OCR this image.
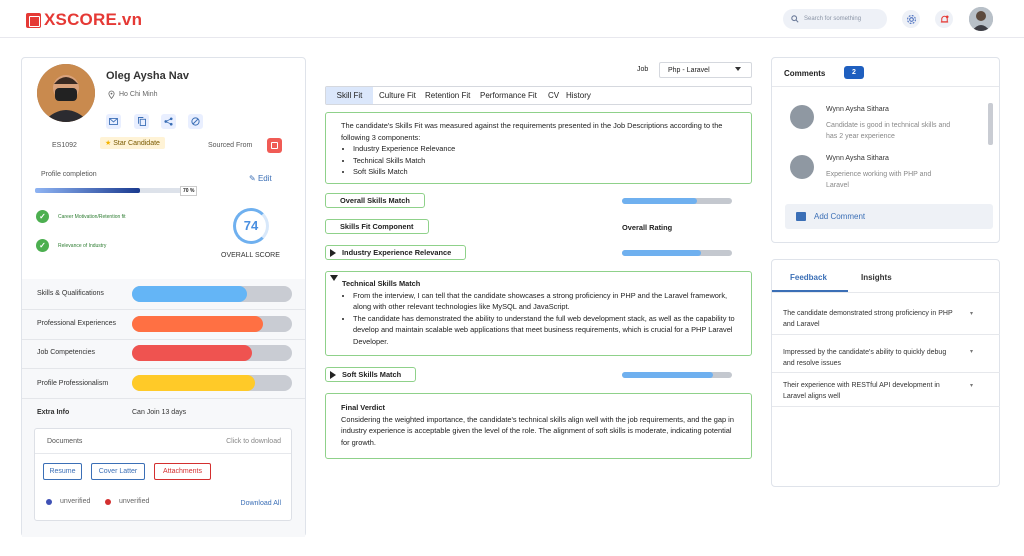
XSCORE.vn	Search for something
Oleg Aysha Nav
Ho Chi Minh
ES1092	★ Star Candidate	Sourced From
Profile completion	✎ Edit
70 %
✓	Career Motivation/Retention fit
✓	Relevance of Industry
74
OVERALL SCORE
Skills & Qualifications
Professional Experiences
Job Competencies
Profile Professionalism
Extra Info	Can Join 13 days
Documents	Click to download
Resume	Cover Latter	Attachments
unverified	unverified	Download All
Job	Php - Laravel
Skill Fit	Culture Fit Retention Fit Performance Fit CV History
The candidate's Skills Fit was measured against the requirements presented in the Job Descriptions according to the following 3 components:
• Industry Experience Relevance
• Technical Skills Match
• Soft Skills Match
Overall Skills Match
Skills Fit Component	Overall Rating
Industry Experience Relevance
Technical Skills Match
• From the interview, I can tell that the candidate showcases a strong proficiency in PHP and the Laravel framework, along with other relevant technologies like MySQL and JavaScript.
• The candidate has demonstrated the ability to understand the full web development stack, as well as the capability to develop and maintain scalable web applications that meet business requirements, which is crucial for a PHP Laravel Developer.
Soft Skills Match
Final Verdict
Considering the weighted importance, the candidate's technical skills align well with the job requirements, and the gap in industry experience is acceptable given the level of the role. The alignment of soft skills is moderate, indicating potential for growth.
Comments	2
Wynn Aysha Sithara
Candidate is good in technical skills and has 2 year experience
Wynn Aysha Sithara
Experience working with PHP and Laravel
Add Comment
Feedback	Insights
The candidate demonstrated strong proficiency in PHP and Laravel
▾
Impressed by the candidate's ability to quickly debug and resolve issues
▾
Their experience with RESTful API development in Laravel aligns well
▾
